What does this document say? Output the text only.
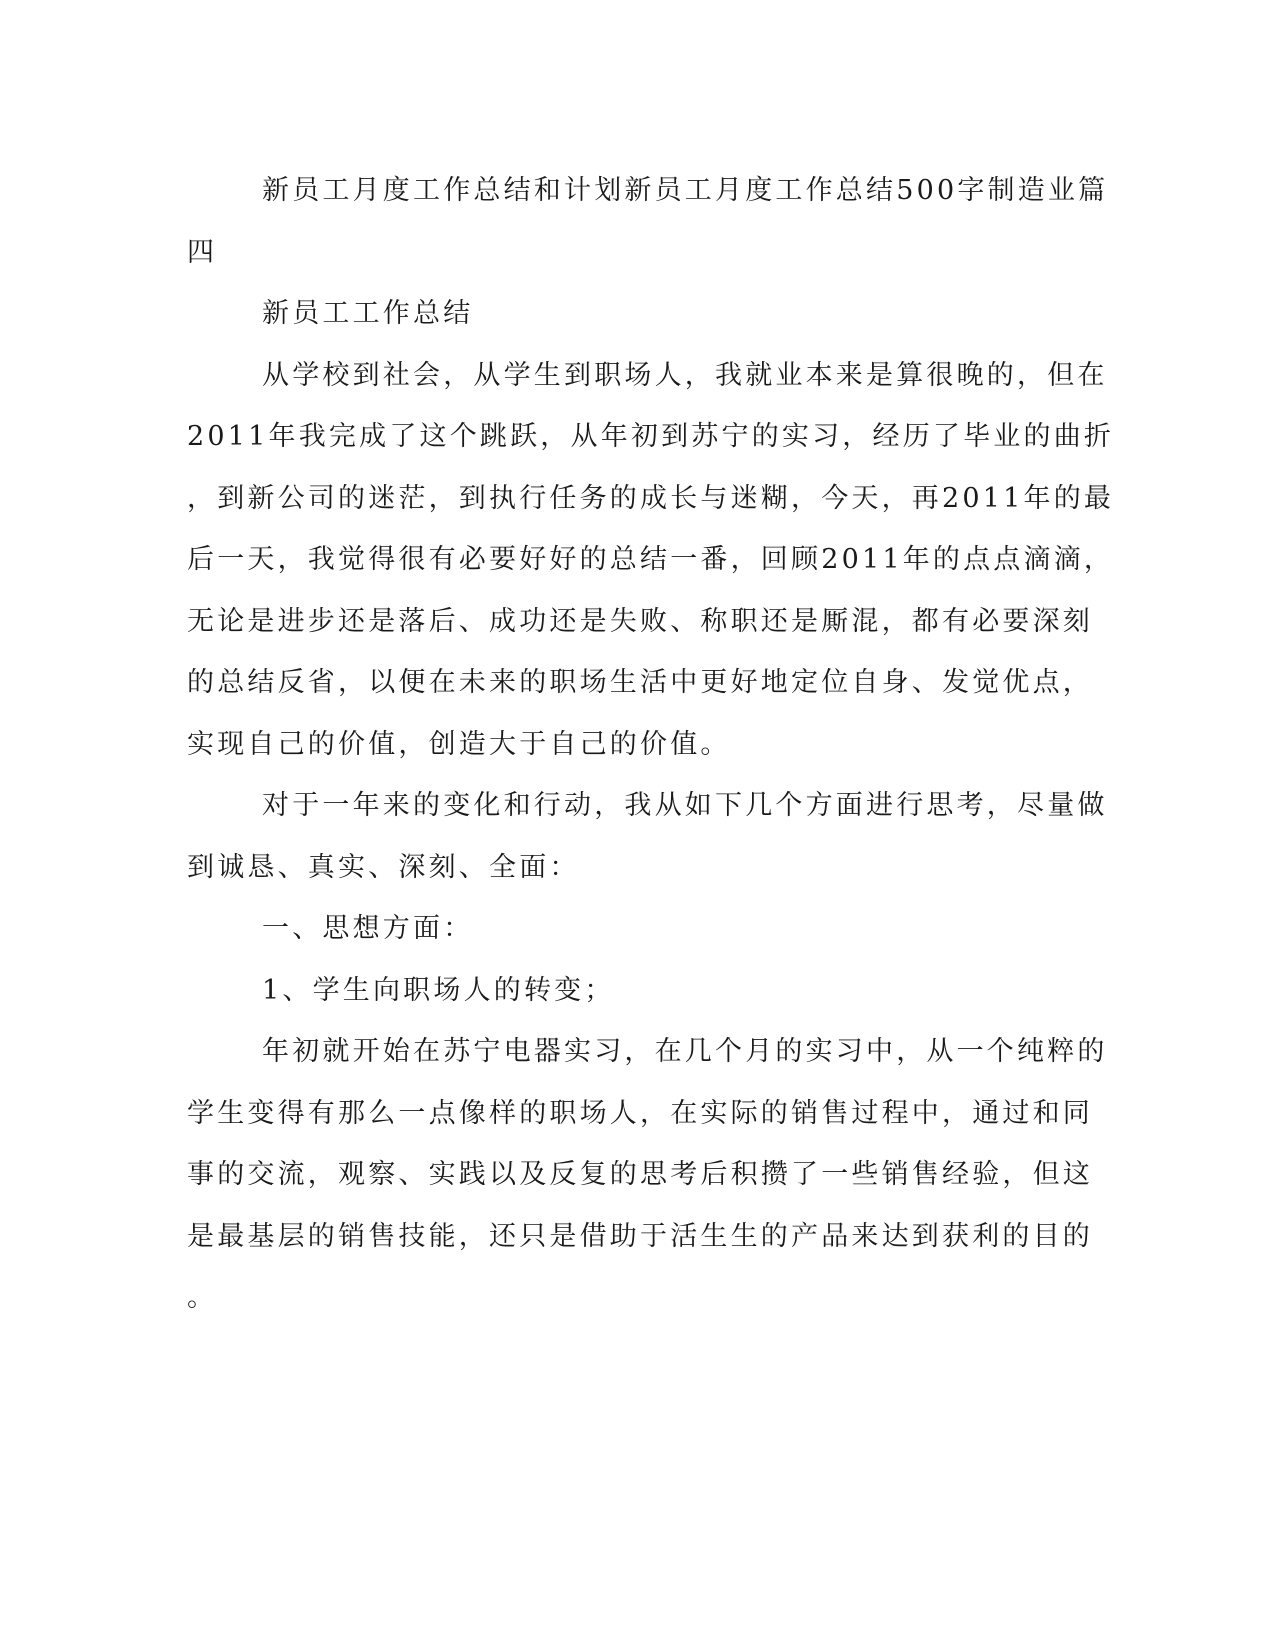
新员工月度工作总结和计划新员工月度工作总结500字制造业篇
四
新员工工作总结
从学校到社会，从学生到职场人，我就业本来是算很晚的，但在
2011年我完成了这个跳跃，从年初到苏宁的实习，经历了毕业的曲折
，到新公司的迷茫，到执行任务的成长与迷糊，今天，再2011年的最
后一天，我觉得很有必要好好的总结一番，回顾2011年的点点滴滴，
无论是进步还是落后、成功还是失败、称职还是厮混，都有必要深刻
的总结反省，以便在未来的职场生活中更好地定位自身、发觉优点，
实现自己的价值，创造大于自己的价值。
对于一年来的变化和行动，我从如下几个方面进行思考，尽量做
到诚恳、真实、深刻、全面：
一、思想方面：
1、学生向职场人的转变；
年初就开始在苏宁电器实习，在几个月的实习中，从一个纯粹的
学生变得有那么一点像样的职场人，在实际的销售过程中，通过和同
事的交流，观察、实践以及反复的思考后积攒了一些销售经验，但这
是最基层的销售技能，还只是借助于活生生的产品来达到获利的目的
。
